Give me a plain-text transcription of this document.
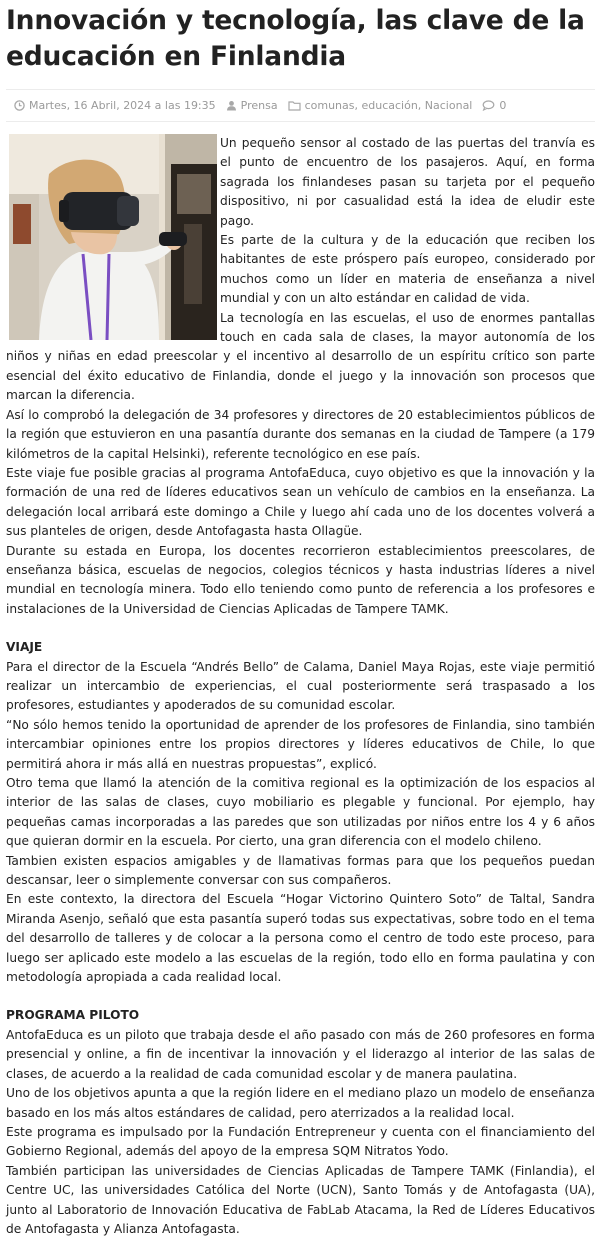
Innovación y tecnología, las clave de la educación en Finlandia
Martes, 16 Abril, 2024 a las 19:35 Prensa comunas, educación, Nacional 0

Un pequeño sensor al costado de las puertas del tranvía es el punto de encuentro de los pasajeros. Aquí, en forma sagrada los finlandeses pasan su tarjeta por el pequeño dispositivo, ni por casualidad está la idea de eludir este pago.

Es parte de la cultura y de la educación que reciben los habitantes de este próspero país europeo, considerado por muchos como un líder en materia de enseñanza a nivel mundial y con un alto estándar en calidad de vida.

La tecnología en las escuelas, el uso de enormes pantallas touch en cada sala de clases, la mayor autonomía de los niños y niñas en edad preescolar y el incentivo al desarrollo de un espíritu crítico son parte esencial del éxito educativo de Finlandia, donde el juego y la innovación son procesos que marcan la diferencia.

Así lo comprobó la delegación de 34 profesores y directores de 20 establecimientos públicos de la región que estuvieron en una pasantía durante dos semanas en la ciudad de Tampere (a 179 kilómetros de la capital Helsinki), referente tecnológico en ese país.

Este viaje fue posible gracias al programa AntofaEduca, cuyo objetivo es que la innovación y la formación de una red de líderes educativos sean un vehículo de cambios en la enseñanza. La delegación local arribará este domingo a Chile y luego ahí cada uno de los docentes volverá a sus planteles de origen, desde Antofagasta hasta Ollagüe.

Durante su estada en Europa, los docentes recorrieron establecimientos preescolares, de enseñanza básica, escuelas de negocios, colegios técnicos y hasta industrias líderes a nivel mundial en tecnología minera. Todo ello teniendo como punto de referencia a los profesores e instalaciones de la Universidad de Ciencias Aplicadas de Tampere TAMK.

VIAJE

Para el director de la Escuela “Andrés Bello” de Calama, Daniel Maya Rojas, este viaje permitió realizar un intercambio de experiencias, el cual posteriormente será traspasado a los profesores, estudiantes y apoderados de su comunidad escolar.

“No sólo hemos tenido la oportunidad de aprender de los profesores de Finlandia, sino también intercambiar opiniones entre los propios directores y líderes educativos de Chile, lo que permitirá ahora ir más allá en nuestras propuestas”, explicó.

Otro tema que llamó la atención de la comitiva regional es la optimización de los espacios al interior de las salas de clases, cuyo mobiliario es plegable y funcional. Por ejemplo, hay pequeñas camas incorporadas a las paredes que son utilizadas por niños entre los 4 y 6 años que quieran dormir en la escuela. Por cierto, una gran diferencia con el modelo chileno.

Tambien existen espacios amigables y de llamativas formas para que los pequeños puedan descansar, leer o simplemente conversar con sus compañeros.

En este contexto, la directora del Escuela “Hogar Victorino Quintero Soto” de Taltal, Sandra Miranda Asenjo, señaló que esta pasantía superó todas sus expectativas, sobre todo en el tema del desarrollo de talleres y de colocar a la persona como el centro de todo este proceso, para luego ser aplicado este modelo a las escuelas de la región, todo ello en forma paulatina y con metodología apropiada a cada realidad local.

PROGRAMA PILOTO

AntofaEduca es un piloto que trabaja desde el año pasado con más de 260 profesores en forma presencial y online, a fin de incentivar la innovación y el liderazgo al interior de las salas de clases, de acuerdo a la realidad de cada comunidad escolar y de manera paulatina.

Uno de los objetivos apunta a que la región lidere en el mediano plazo un modelo de enseñanza basado en los más altos estándares de calidad, pero aterrizados a la realidad local.

Este programa es impulsado por la Fundación Entrepreneur y cuenta con el financiamiento del Gobierno Regional, además del apoyo de la empresa SQM Nitratos Yodo.

También participan las universidades de Ciencias Aplicadas de Tampere TAMK (Finlandia), el Centre UC, las universidades Católica del Norte (UCN), Santo Tomás y de Antofagasta (UA), junto al Laboratorio de Innovación Educativa de FabLab Atacama, la Red de Líderes Educativos de Antofagasta y Alianza Antofagasta.
